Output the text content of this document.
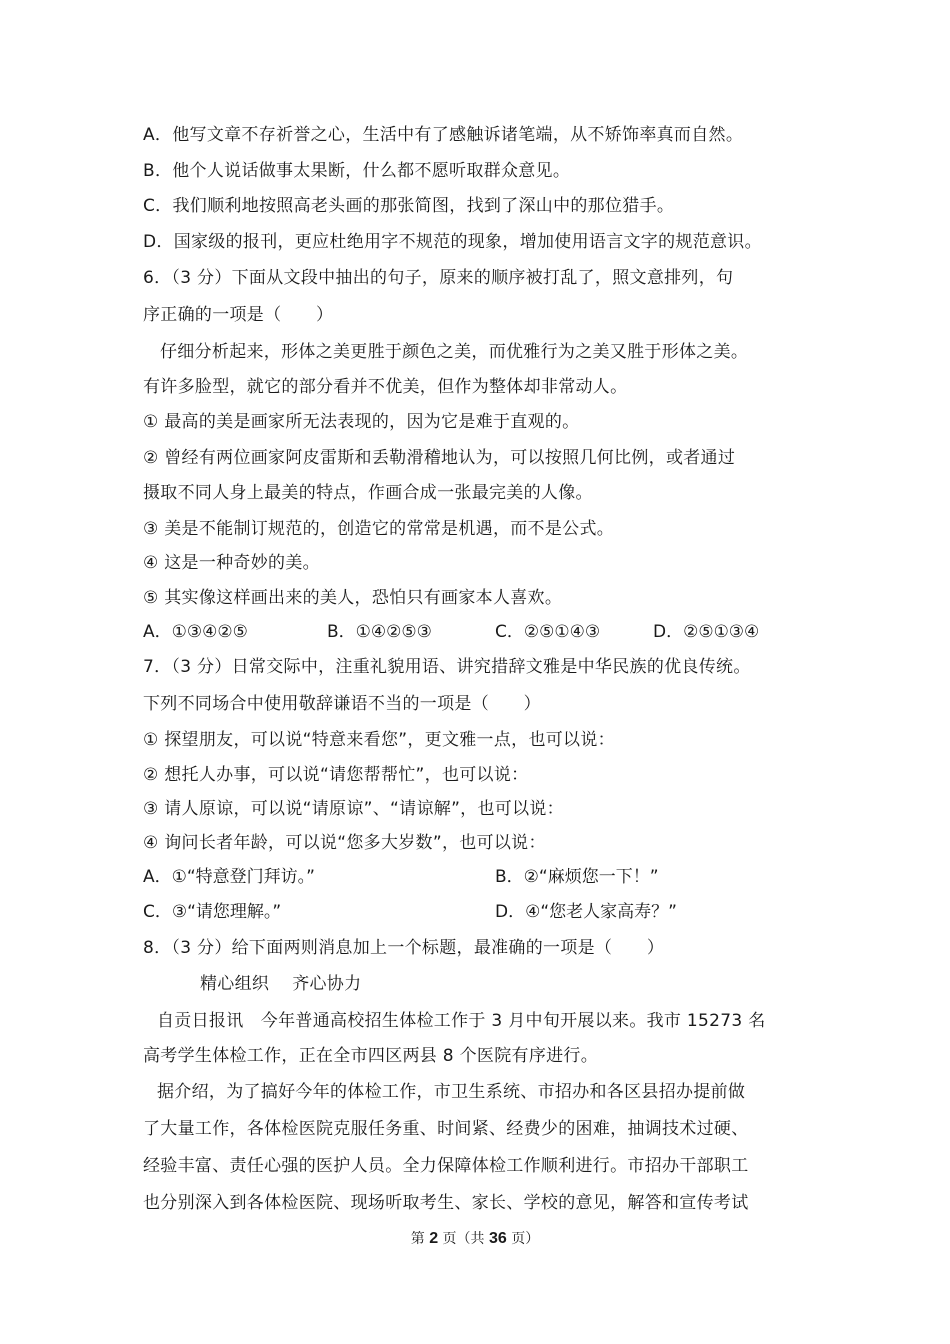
A．他写文章不存祈誉之心，生活中有了感触诉诸笔端，从不矫饰率真而自然。
B．他个人说话做事太果断，什么都不愿听取群众意见。
C．我们顺利地按照高老头画的那张简图，找到了深山中的那位猎手。
D．国家级的报刊，更应杜绝用字不规范的现象，增加使用语言文字的规范意识。
6．（3 分）下面从文段中抽出的句子，原来的顺序被打乱了，照文意排列，句
序正确的一项是（　　）
仔细分析起来，形体之美更胜于颜色之美，而优雅行为之美又胜于形体之美。
有许多脸型，就它的部分看并不优美，但作为整体却非常动人。
① 最高的美是画家所无法表现的，因为它是难于直观的。
② 曾经有两位画家阿皮雷斯和丢勒滑稽地认为，可以按照几何比例，或者通过
摄取不同人身上最美的特点，作画合成一张最完美的人像。
③ 美是不能制订规范的，创造它的常常是机遇，而不是公式。
④ 这是一种奇妙的美。
⑤ 其实像这样画出来的美人，恐怕只有画家本人喜欢。
A．①③④②⑤	B．①④②⑤③	C．②⑤①④③	D．②⑤①③④
7．（3 分）日常交际中，注重礼貌用语、讲究措辞文雅是中华民族的优良传统。
下列不同场合中使用敬辞谦语不当的一项是（　　）
① 探望朋友，可以说“特意来看您”，更文雅一点，也可以说：
② 想托人办事，可以说“请您帮帮忙”，也可以说：
③ 请人原谅，可以说“请原谅”、“请谅解”，也可以说：
④ 询问长者年龄，可以说“您多大岁数”，也可以说：
A．①“特意登门拜访。”	B．②“麻烦您一下！”
C．③“请您理解。”	D．④“您老人家高寿？”
8．（3 分）给下面两则消息加上一个标题，最准确的一项是（　　）
精心组织　 齐心协力
自贡日报讯　今年普通高校招生体检工作于 3 月中旬开展以来。我市 15273 名
高考学生体检工作，正在全市四区两县 8 个医院有序进行。
据介绍，为了搞好今年的体检工作，市卫生系统、市招办和各区县招办提前做
了大量工作，各体检医院克服任务重、时间紧、经费少的困难，抽调技术过硬、
经验丰富、责任心强的医护人员。全力保障体检工作顺利进行。市招办干部职工
也分别深入到各体检医院、现场听取考生、家长、学校的意见，解答和宣传考试
第 2 页（共 36 页）
